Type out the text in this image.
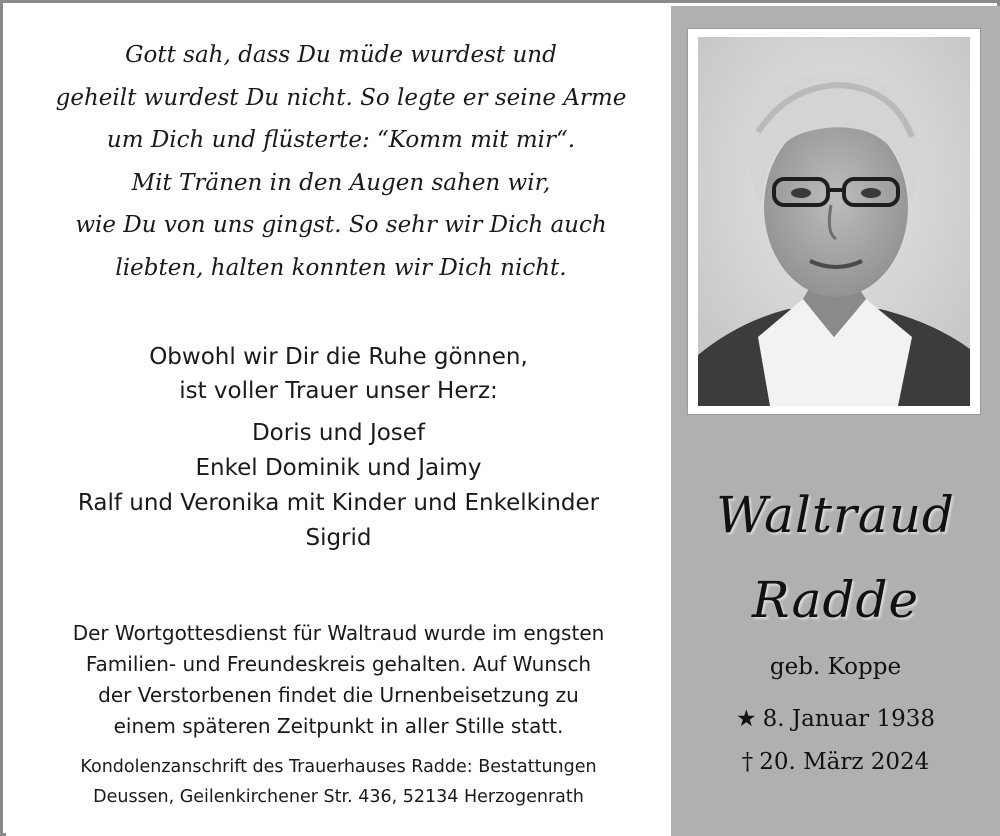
Gott sah, dass Du müde wurdest und
geheilt wurdest Du nicht. So legte er seine Arme
um Dich und flüsterte: “Komm mit mir“.
Mit Tränen in den Augen sahen wir,
wie Du von uns gingst. So sehr wir Dich auch
liebten, halten konnten wir Dich nicht.
Obwohl wir Dir die Ruhe gönnen,
ist voller Trauer unser Herz:
Doris und Josef
Enkel Dominik und Jaimy
Ralf und Veronika mit Kinder und Enkelkinder
Sigrid
Der Wortgottesdienst für Waltraud wurde im engsten
Familien- und Freundeskreis gehalten. Auf Wunsch
der Verstorbenen findet die Urnenbeisetzung zu
einem späteren Zeitpunkt in aller Stille statt.
Kondolenzanschrift des Trauerhauses Radde: Bestattungen
Deussen, Geilenkirchener Str. 436, 52134 Herzogenrath
Waltraud
Radde
geb. Koppe
★ 8. Januar 1938
† 20. März 2024
